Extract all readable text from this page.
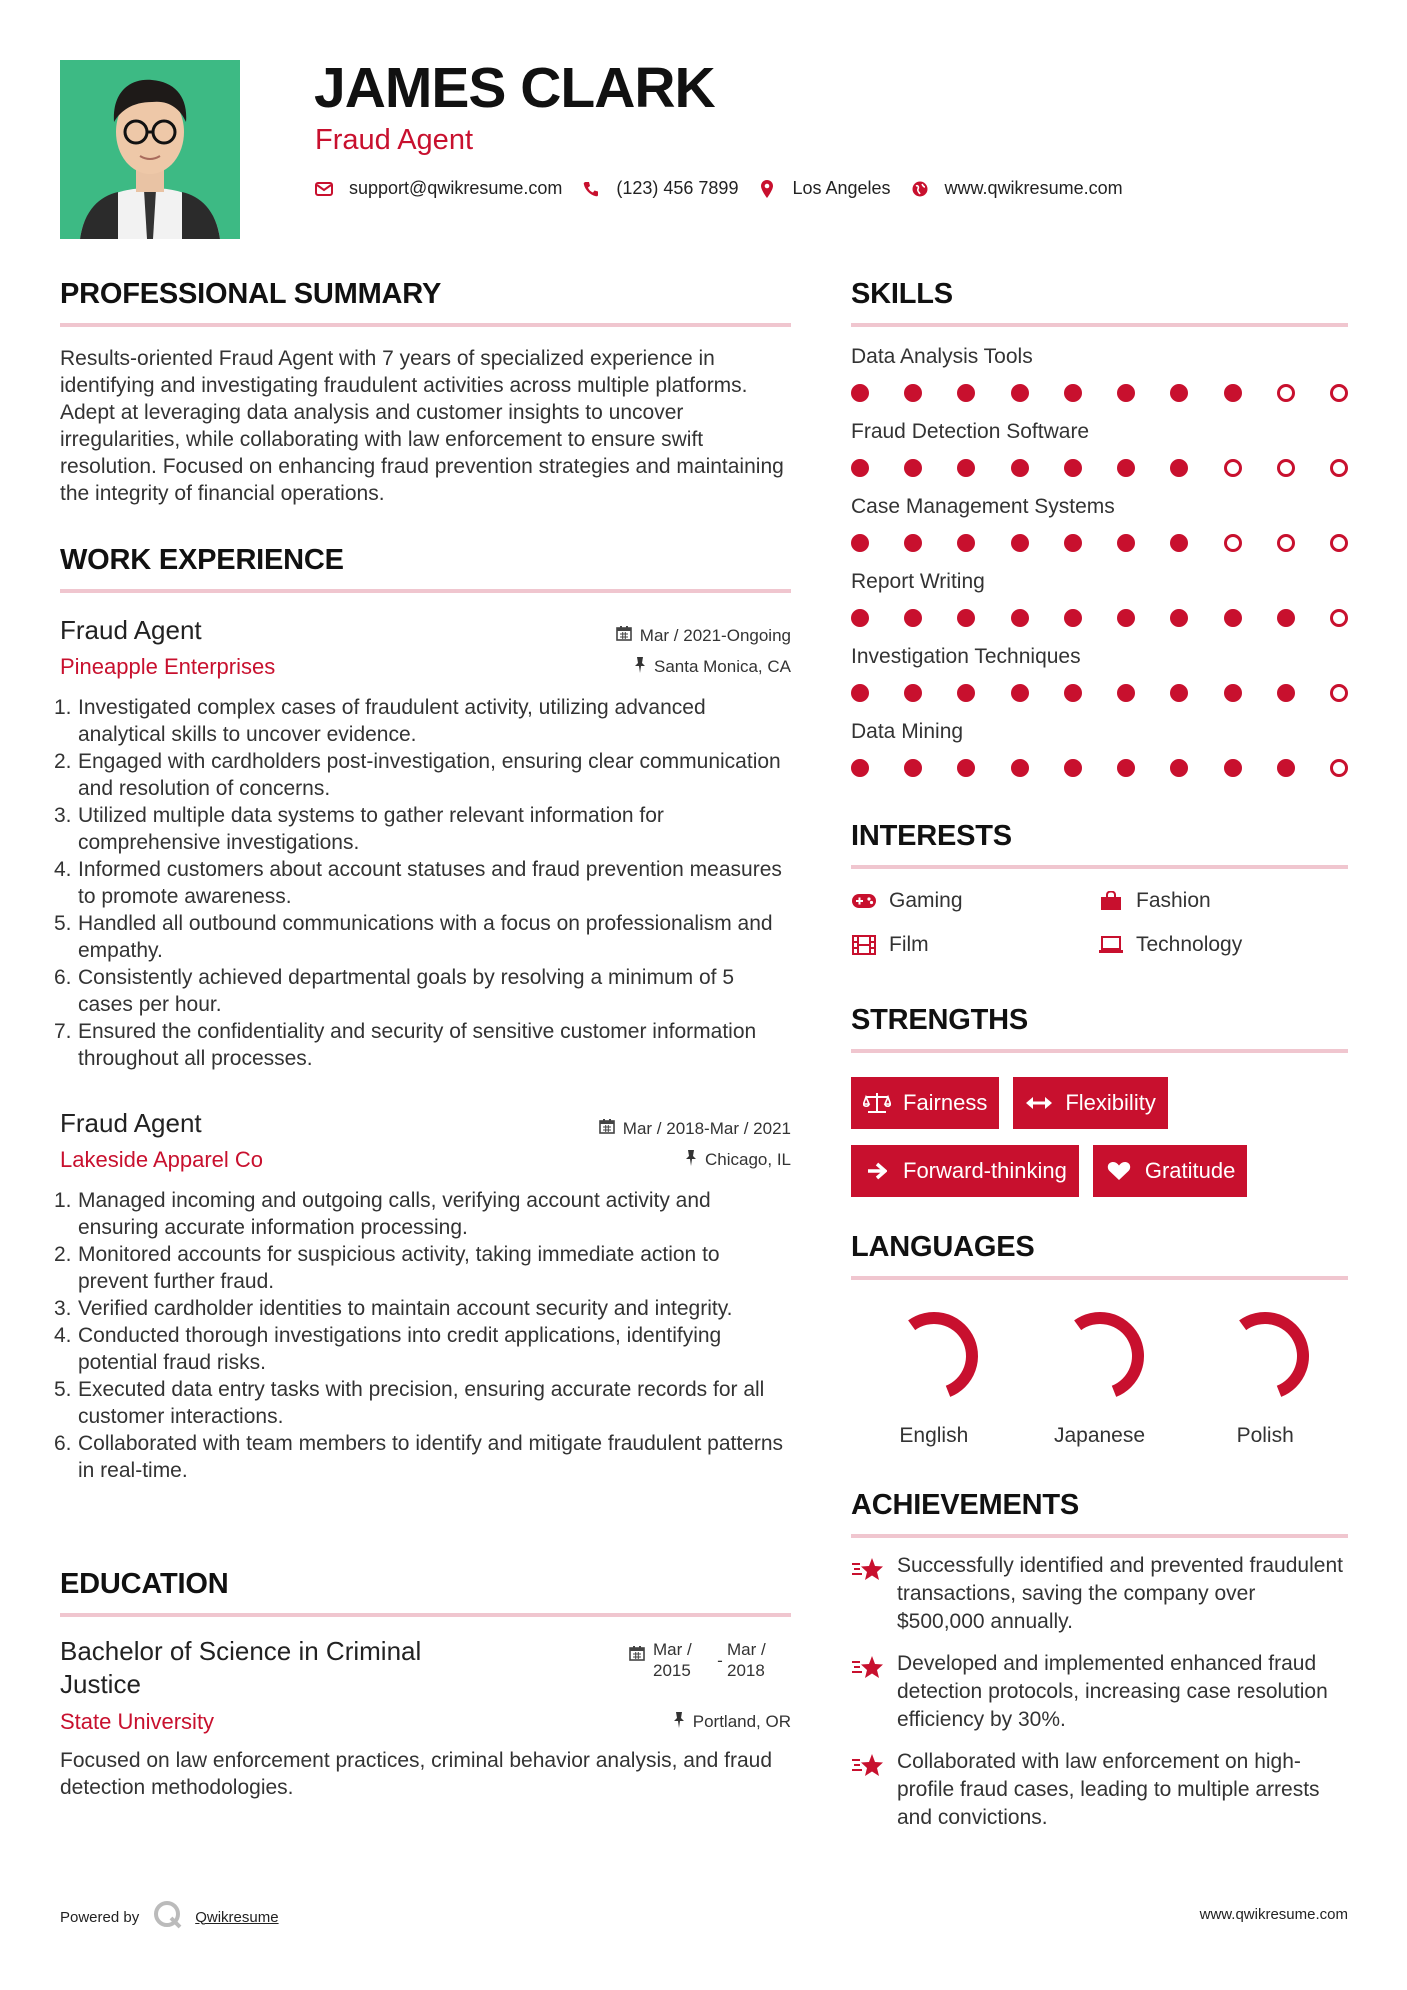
JAMES CLARK
Fraud Agent
support@qwikresume.com	(123) 456 7899	Los Angeles	www.qwikresume.com
PROFESSIONAL SUMMARY

Results-oriented Fraud Agent with 7 years of specialized experience in identifying and investigating fraudulent activities across multiple platforms. Adept at leveraging data analysis and customer insights to uncover irregularities, while collaborating with law enforcement to ensure swift resolution. Focused on enhancing fraud prevention strategies and maintaining the integrity of financial operations.

WORK EXPERIENCE
Fraud Agent	Mar / 2021-Ongoing
Pineapple Enterprises	Santa Monica, CA
1. Investigated complex cases of fraudulent activity, utilizing advanced analytical skills to uncover evidence.
2. Engaged with cardholders post-investigation, ensuring clear communication and resolution of concerns.
3. Utilized multiple data systems to gather relevant information for comprehensive investigations.
4. Informed customers about account statuses and fraud prevention measures to promote awareness.
5. Handled all outbound communications with a focus on professionalism and empathy.
6. Consistently achieved departmental goals by resolving a minimum of 5 cases per hour.
7. Ensured the confidentiality and security of sensitive customer information throughout all processes.
Fraud Agent	Mar / 2018-Mar / 2021
Lakeside Apparel Co	Chicago, IL
1. Managed incoming and outgoing calls, verifying account activity and ensuring accurate information processing.
2. Monitored accounts for suspicious activity, taking immediate action to prevent further fraud.
3. Verified cardholder identities to maintain account security and integrity.
4. Conducted thorough investigations into credit applications, identifying potential fraud risks.
5. Executed data entry tasks with precision, ensuring accurate records for all customer interactions.
6. Collaborated with team members to identify and mitigate fraudulent patterns in real-time.
EDUCATION
Bachelor of Science in Criminal Justice
Mar / 2015
-
Mar / 2018
State University	Portland, OR

Focused on law enforcement practices, criminal behavior analysis, and fraud detection methodologies.

SKILLS
Data Analysis Tools
Fraud Detection Software
Case Management Systems
Report Writing
Investigation Techniques
Data Mining
INTERESTS
Gaming	Fashion
Film	Technology
STRENGTHS
Fairness	Flexibility
Forward-thinking	Gratitude
LANGUAGES
English	Japanese	Polish
ACHIEVEMENTS
Successfully identified and prevented fraudulent transactions, saving the company over $500,000 annually.
Developed and implemented enhanced fraud detection protocols, increasing case resolution efficiency by 30%.
Collaborated with law enforcement on high-profile fraud cases, leading to multiple arrests and convictions.
Powered by	Qwikresume	www.qwikresume.com
